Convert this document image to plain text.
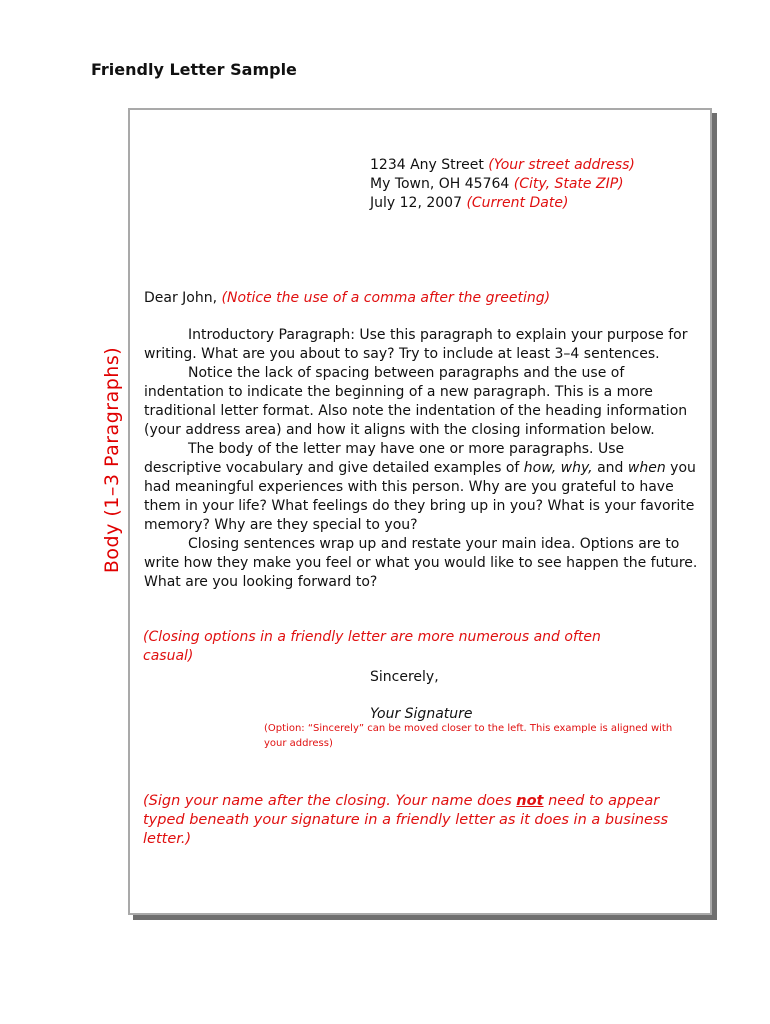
Friendly Letter Sample
Body (1–3 Paragraphs)
1234 Any Street (Your street address)
My Town, OH 45764 (City, State ZIP)
July 12, 2007 (Current Date)
Dear John, (Notice the use of a comma after the greeting)

Introductory Paragraph: Use this paragraph to explain your purpose for writing. What are you about to say? Try to include at least 3–4 sentences.

Notice the lack of spacing between paragraphs and the use of indentation to indicate the beginning of a new paragraph. This is a more traditional letter format. Also note the indentation of the heading information (your address area) and how it aligns with the closing information below.

The body of the letter may have one or more paragraphs. Use descriptive vocabulary and give detailed examples of how, why, and when you had meaningful experiences with this person. Why are you grateful to have them in your life? What feelings do they bring up in you? What is your favorite memory? Why are they special to you?

Closing sentences wrap up and restate your main idea. Options are to write how they make you feel or what you would like to see happen the future. What are you looking forward to?

(Closing options in a friendly letter are more numerous and often casual)
Sincerely,
Your Signature
(Option: “Sincerely” can be moved closer to the left. This example is aligned with your address)
(Sign your name after the closing. Your name does not need to appear typed beneath your signature in a friendly letter as it does in a business letter.)
